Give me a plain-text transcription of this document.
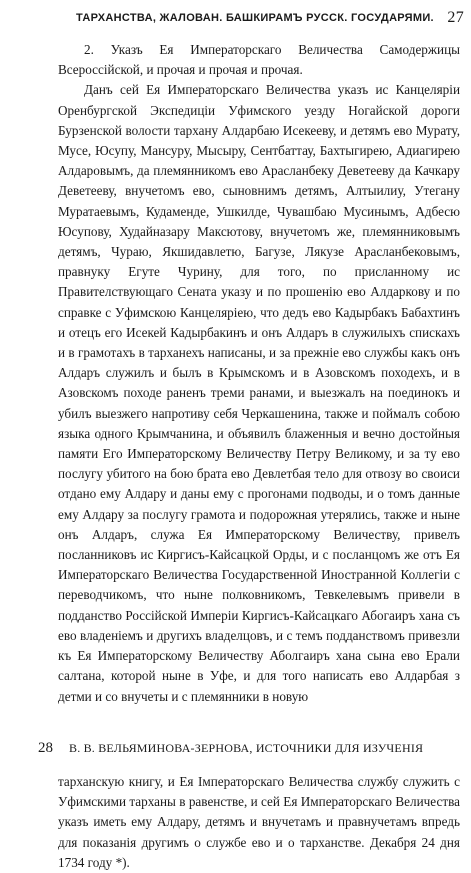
ТАРХАНСТВА, ЖАЛОВАН. БАШКИРАМЪ РУССК. ГОСУДАРЯМИ. 27

2. Указъ Ея Императорскаго Величества Самодержицы Всероссійской, и прочая и прочая и прочая.

Данъ сей Ея Императорскаго Величества указъ ис Канцелярiи Оренбургской Экспедицiи Уфимского уезду Ногайской дороги Бурзенской волости тархану Алдарбаю Исекееву, и детямъ ево Мурату, Мусе, Юсупу, Мансуру, Мысыру, Сентбаттау, Бахтыгирею, Адиагирею Алдаровымъ, да племянникомъ ево Арасланбеку Деветееву да Качкару Деветееву, внучетомъ ево, сыновнимъ детямъ, Алтыилиу, Утегану Муратаевымъ, Кудаменде, Ушкилде, Чувашбаю Мусинымъ, Адбесю Юсупову, Худайназару Максютову, внучетомъ же, племянниковымъ детямъ, Чураю, Якшидавлетю, Багузе, Лякузе Арасланбековымъ, правнуку Егуте Чурину, для того, по присланному ис Правителствующаго Сената указу и по прошенiю ево Алдаркову и по справке с Уфимскою Канцеляріею, что дедъ ево Кадырбакъ Бабахтинъ и отецъ его Исекей Кадырбакинъ и онъ Алдаръ в служилыхъ спискахъ и в грамотахъ в тарханехъ написаны, и за прежнiе ево службы какъ онъ Алдаръ служилъ и былъ в Крымскомъ и в Азовскомъ походехъ, и в Азовскомъ походе раненъ треми ранами, и выезжалъ на поединокъ и убилъ выезжего напротиву себя Черкашенина, также и поймалъ собою языка одного Крымчанина, и объявилъ блаженныя и вечно достойныя памяти Его Императорскому Величеству Петру Великому, и за ту ево послугу убитого на бою брата ево Девлетбая тело для отвозу во своиси отдано ему Алдару и даны ему с прогонами подводы, и о томъ данные ему Алдару за послугу грамота и подорожная утерялись, также и ныне онъ Алдаръ, служа Ея Императорскому Величеству, привелъ посланниковъ ис Киргисъ-Кайсацкой Орды, и с посланцомъ же отъ Ея Императорскаго Величества Государственной Иностранной Коллегiи с переводчикомъ, что ныне полковникомъ, Тевкелевымъ привели в подданство Россiйской Имперiи Киргисъ-Кайсацкаго Абогаиръ хана съ ево владеніемъ и другихъ владелцовъ, и с темъ подданствомъ привезли къ Ея Императорскому Величеству Аболгаиръ хана сына ево Ерали салтана, которой ныне в Уфе, и для того написать ево Алдарбая з детми и со внучеты и с племянники в новую

28 В. В. ВЕЛЬЯМИНОВА-ЗЕРНОВА, ИСТОЧНИКИ ДЛЯ ИЗУЧЕНІЯ

тарханскую книгу, и Ея Iмператорскаго Величества службу служить с Уфимскими тарханы в равенстве, и сей Ея Императорскаго Величества указъ иметь ему Алдару, детямъ и внучетамъ и правнучетамъ впредь для показанiя другимъ о службе ево и о тарханстве. Декабря 24 дня 1734 году *).
